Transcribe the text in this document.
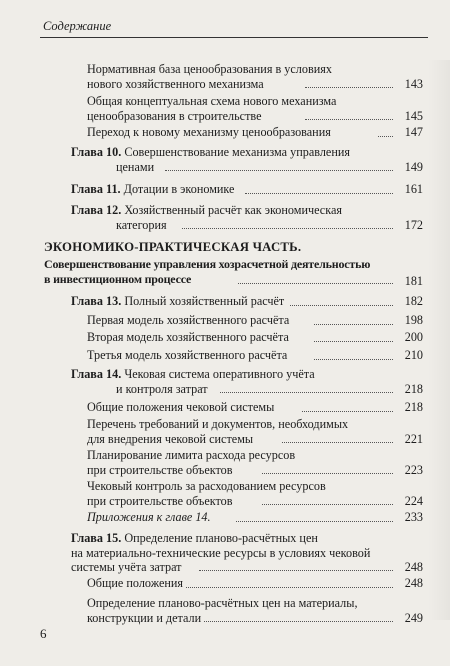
Содержание
Нормативная база ценообразования в условиях
нового хозяйственного механизма	143
Общая концептуальная схема нового механизма
ценообразования в строительстве	145
Переход к новому механизму ценообразования	147
Глава 10. Совершенствование механизма управления
ценами	149
Глава 11. Дотации в экономике	161
Глава 12. Хозяйственный расчёт как экономическая
категория	172
ЭКОНОМИКО-ПРАКТИЧЕСКАЯ ЧАСТЬ.
Совершенствование управления хозрасчетной деятельностью
в инвестиционном процессе	181
Глава 13. Полный хозяйственный расчёт	182
Первая модель хозяйственного расчёта	198
Вторая модель хозяйственного расчёта	200
Третья модель хозяйственного расчёта	210
Глава 14. Чековая система оперативного учёта
и контроля затрат	218
Общие положения чековой системы	218
Перечень требований и документов, необходимых
для внедрения чековой системы	221
Планирование лимита расхода ресурсов
при строительстве объектов	223
Чековый контроль за расходованием ресурсов
при строительстве объектов	224
Приложения к главе 14.	233
Глава 15. Определение планово-расчётных цен
на материально-технические ресурсы в условиях чековой
системы учёта затрат	248
Общие положения	248
Определение планово-расчётных цен на материалы,
конструкции и детали	249
6
